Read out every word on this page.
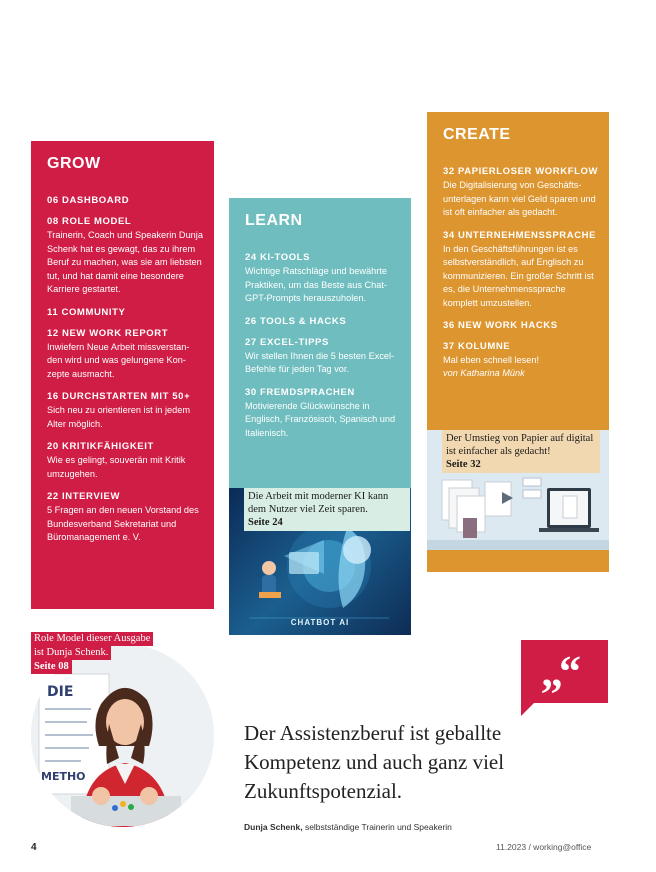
GROW
06 DASHBOARD
08 ROLE MODEL
Trainerin, Coach und Speakerin Dunja Schenk hat es gewagt, das zu ihrem Beruf zu machen, was sie am liebsten tut, und hat damit eine besondere Karriere gestartet.
11 COMMUNITY
12 NEW WORK REPORT
Inwiefern Neue Arbeit missverstan-den wird und was gelungene Kon-zepte ausmacht.
16 DURCHSTARTEN MIT 50+
Sich neu zu orientieren ist in jedem Alter möglich.
20 KRITIKFÄHIGKEIT
Wie es gelingt, souverän mit Kritik umzugehen.
22 INTERVIEW
5 Fragen an den neuen Vorstand des Bundesverband Sekretariat und Büromanagement e. V.
LEARN
24 KI-TOOLS
Wichtige Ratschläge und bewährte Praktiken, um das Beste aus Chat-GPT-Prompts herauszuholen.
26 TOOLS & HACKS
27 EXCEL-TIPPS
Wir stellen Ihnen die 5 besten Excel-Befehle für jeden Tag vor.
30 FREMDSPRACHEN
Motivierende Glückwünsche in Englisch, Französisch, Spanisch und Italienisch.
CHATBOT AI
Die Arbeit mit moderner KI kann dem Nutzer viel Zeit sparen.
Seite 24
CREATE
32 PAPIERLOSER WORKFLOW
Die Digitalisierung von Geschäfts-unterlagen kann viel Geld sparen und ist oft einfacher als gedacht.
34 UNTERNEHMENSSPRACHE
In den Geschäftsführungen ist es selbstverständlich, auf Englisch zu kommunizieren. Ein großer Schritt ist es, die Unternehmenssprache komplett umzustellen.
36 NEW WORK HACKS
37 KOLUMNE
Mal eben schnell lesen!
von Katharina Münk
Der Umstieg von Papier auf digital ist einfacher als gedacht!
Seite 32
DIE
METHO
Role Model dieser Ausgabe
ist Dunja Schenk.
Seite 08	„“
Der Assistenzberuf ist geballte Kompetenz und auch ganz viel Zukunftspotenzial.
Dunja Schenk, selbstständige Trainerin und Speakerin
4	11.2023 / working@office
